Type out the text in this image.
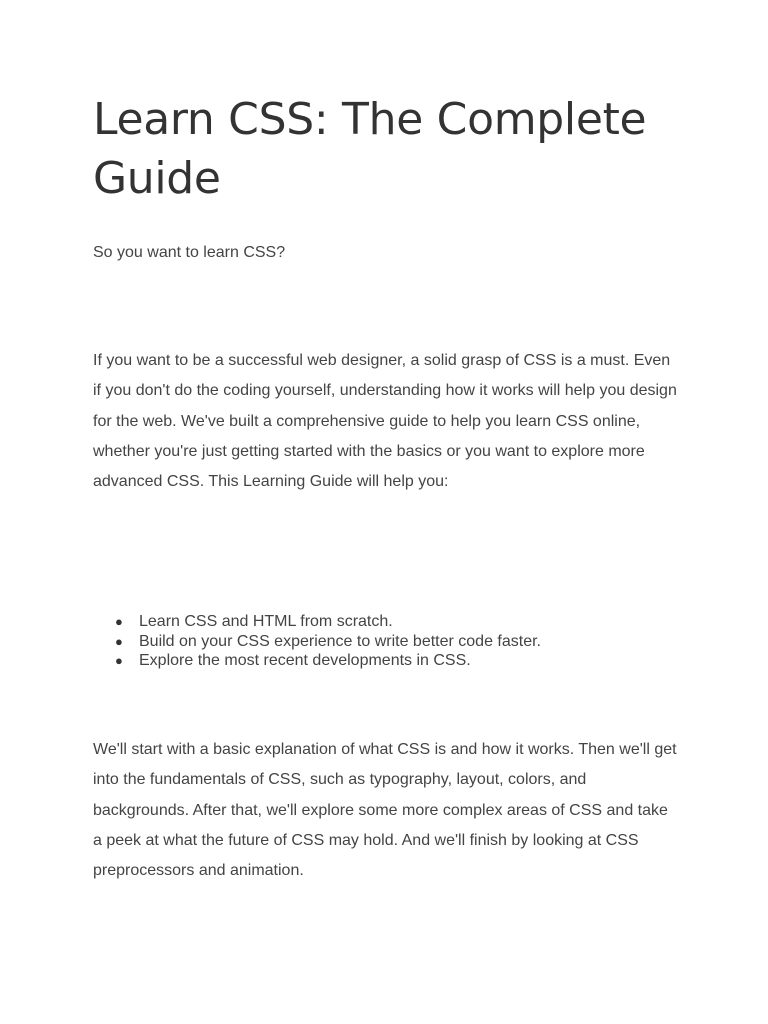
Learn CSS: The Complete Guide

So you want to learn CSS?

If you want to be a successful web designer, a solid grasp of CSS is a must. Even if you don't do the coding yourself, understanding how it works will help you design for the web. We've built a comprehensive guide to help you learn CSS online, whether you're just getting started with the basics or you want to explore more advanced CSS. This Learning Guide will help you:

● Learn CSS and HTML from scratch.
● Build on your CSS experience to write better code faster.
● Explore the most recent developments in CSS.

We'll start with a basic explanation of what CSS is and how it works. Then we'll get into the fundamentals of CSS, such as typography, layout, colors, and backgrounds. After that, we'll explore some more complex areas of CSS and take a peek at what the future of CSS may hold. And we'll finish by looking at CSS preprocessors and animation.
